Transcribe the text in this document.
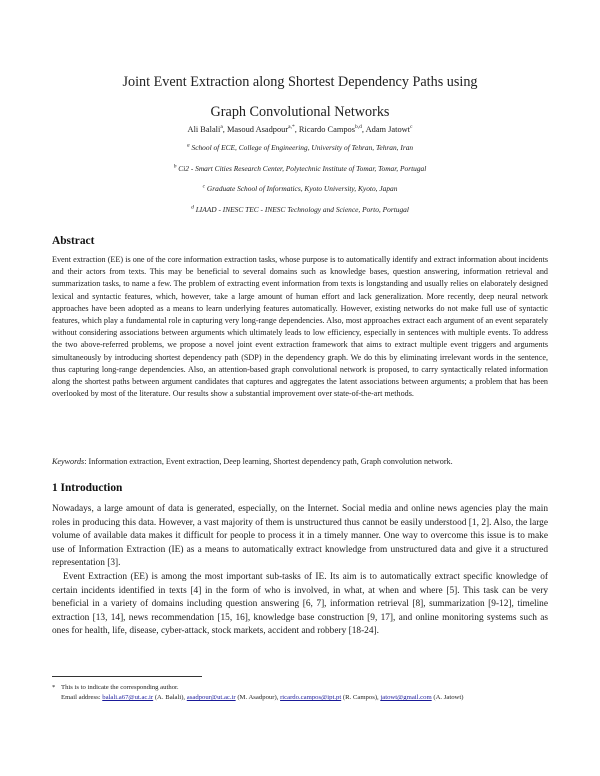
Joint Event Extraction along Shortest Dependency Paths using
Graph Convolutional Networks
Ali Balali$^a$, Masoud Asadpour$^{a,*}$, Ricardo Campos$^{b,d}$, Adam Jatowt$^c$
$^a$ School of ECE, College of Engineering, University of Tehran, Tehran, Iran
$^b$ Ci2 - Smart Cities Research Center, Polytechnic Institute of Tomar, Tomar, Portugal
$^c$ Graduate School of Informatics, Kyoto University, Kyoto, Japan
$^d$ LIAAD - INESC TEC - INESC Technology and Science, Porto, Portugal
Abstract

Event extraction (EE) is one of the core information extraction tasks, whose purpose is to automatically identify and extract information about incidents and their actors from texts. This may be beneficial to several domains such as knowledge bases, question answering, information retrieval and summarization tasks, to name a few. The problem of extracting event information from texts is longstanding and usually relies on elaborately designed lexical and syntactic features, which, however, take a large amount of human effort and lack generalization. More recently, deep neural network approaches have been adopted as a means to learn underlying features automatically. However, existing networks do not make full use of syntactic features, which play a fundamental role in capturing very long-range dependencies. Also, most approaches extract each argument of an event separately without considering associations between arguments which ultimately leads to low efficiency, especially in sentences with multiple events. To address the two above-referred problems, we propose a novel joint event extraction framework that aims to extract multiple event triggers and arguments simultaneously by introducing shortest dependency path (SDP) in the dependency graph. We do this by eliminating irrelevant words in the sentence, thus capturing long-range dependencies. Also, an attention-based graph convolutional network is proposed, to carry syntactically related information along the shortest paths between argument candidates that captures and aggregates the latent associations between arguments; a problem that has been overlooked by most of the literature. Our results show a substantial improvement over state-of-the-art methods.

Keywords: Information extraction, Event extraction, Deep learning, Shortest dependency path, Graph convolution network.

1 Introduction

Nowadays, a large amount of data is generated, especially, on the Internet. Social media and online news agencies play the main roles in producing this data. However, a vast majority of them is unstructured thus cannot be easily understood [1, 2]. Also, the large volume of available data makes it difficult for people to process it in a timely manner. One way to overcome this issue is to make use of Information Extraction (IE) as a means to automatically extract knowledge from unstructured data and give it a structured representation [3].

Event Extraction (EE) is among the most important sub-tasks of IE. Its aim is to automatically extract specific knowledge of certain incidents identified in texts [4] in the form of who is involved, in what, at when and where [5]. This task can be very beneficial in a variety of domains including question answering [6, 7], information retrieval [8], summarization [9-12], timeline extraction [13, 14], news recommendation [15, 16], knowledge base construction [9, 17], and online monitoring systems such as ones for health, life, disease, cyber-attack, stock markets, accident and robbery [18-24].

* This is to indicate the corresponding author.
Email address: balali.a67@ut.ac.ir (A. Balali), asadpour@ut.ac.ir (M. Asadpour), ricardo.campos@ipt.pt (R. Campos), jatowt@gmail.com (A. Jatowt)
